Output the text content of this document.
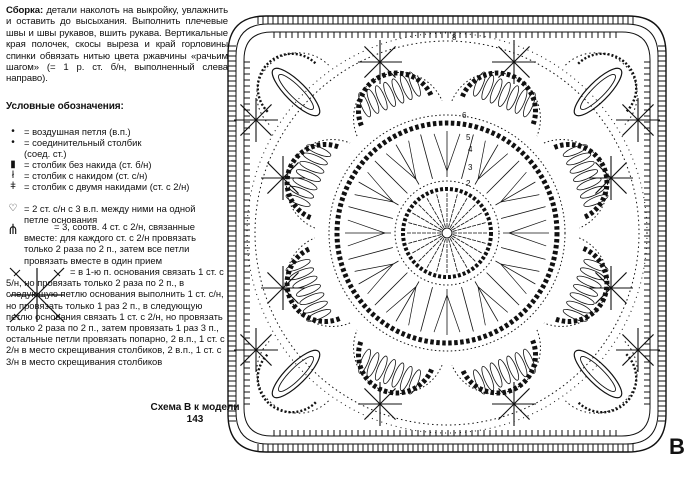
Сборка: детали наколоть на выкройку, увлажнить и оставить до высыхания. Выполнить плечевые швы и швы рукавов, вшить рукава. Вертикальные края полочек, скосы выреза и край горловины спинки обвязать нитью цвета ржавчины «рачьим шагом» (= 1 р. ст. б/н, выполненный слева направо).
Условные обозначения:
• = воздушная петля (в.п.)
• = соединительный столбик (соед. ст.)
▮ = столбик без накида (ст. б/н)
ł	= столбик с накидом (ст. с/н)
ǂ = столбик с двумя накидами (ст. с 2/н)
♡ = 2 ст. с/н с 3 в.п. между ними на одной петле основания
⋔	= 3, соотв. 4 ст. с 2/н, связанные вместе: для каждого ст. с 2/н провязать только 2 раза по 2 п., затем все петли провязать вместе в один прием
= в 1-ю п. основания связать 1 ст. с 5/н, но провязать только 2 раза по 2 п., в следующую петлю основания выполнить 1 ст. с/н, но провязать только 1 раз 2 п., в следующую петлю основания связать 1 ст. с 2/н, но провязать только 2 раза по 2 п., затем провязать 1 раз 3 п., остальные петли провязать попарно, 2 в.п., 1 ст. с 2/н в место скрещивания столбиков, 2 в.п., 1 ст. с 3/н в место скрещивания столбиков
Схема В к модели 143
В
8
6
5
4
3
2
